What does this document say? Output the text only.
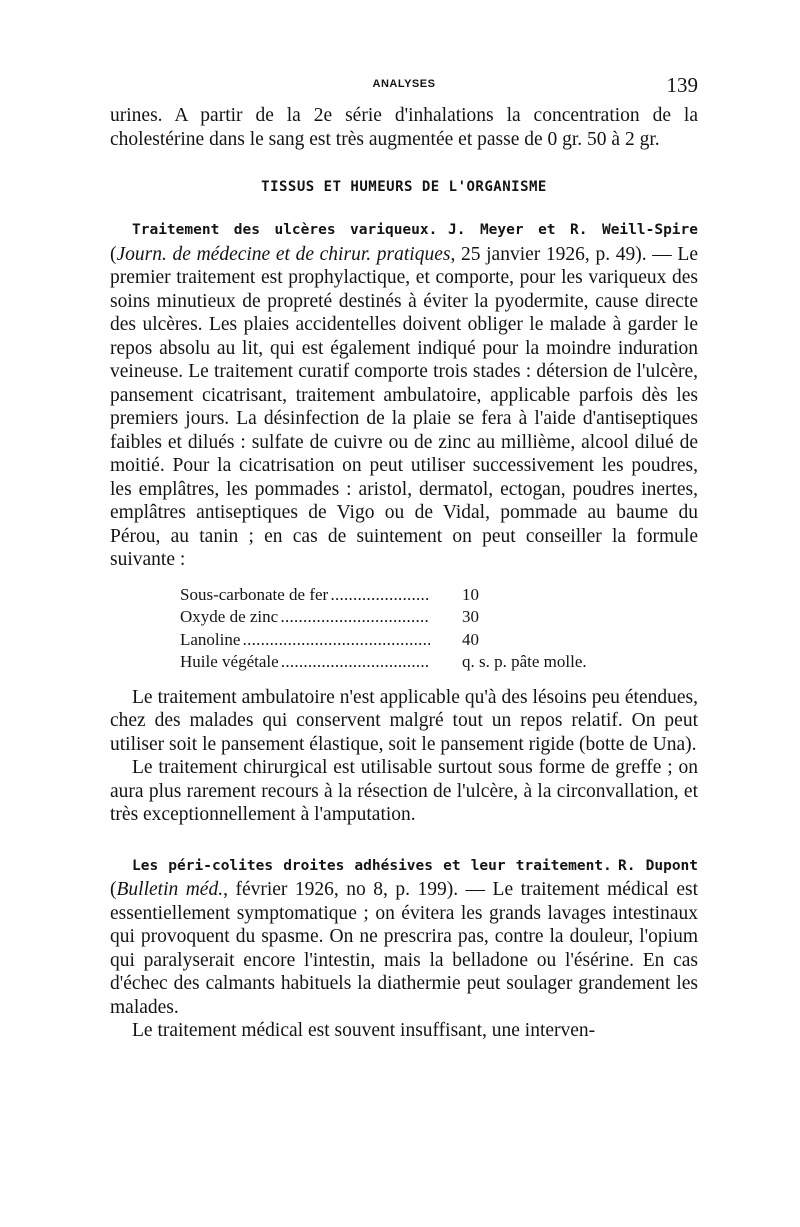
ANALYSES	139

urines. A partir de la 2e série d'inhalations la concentration de la cholestérine dans le sang est très augmentée et passe de 0 gr. 50 à 2 gr.

TISSUS ET HUMEURS DE L'ORGANISME

Traitement des ulcères variqueux. J. Meyer et R. Weill-Spire (Journ. de médecine et de chirur. pratiques, 25 janvier 1926, p. 49). — Le premier traitement est prophylactique, et comporte, pour les variqueux des soins minutieux de propreté destinés à éviter la pyodermite, cause directe des ulcères. Les plaies accidentelles doivent obliger le malade à garder le repos absolu au lit, qui est également indiqué pour la moindre induration veineuse. Le traitement curatif comporte trois stades : détersion de l'ulcère, pansement cicatrisant, traitement ambulatoire, applicable parfois dès les premiers jours. La désinfection de la plaie se fera à l'aide d'antiseptiques faibles et dilués : sulfate de cuivre ou de zinc au millième, alcool dilué de moitié. Pour la cicatrisation on peut utiliser successivement les poudres, les emplâtres, les pommades : aristol, dermatol, ectogan, poudres inertes, emplâtres antiseptiques de Vigo ou de Vidal, pommade au baume du Pérou, au tanin ; en cas de suintement on peut conseiller la formule suivante :

Sous-carbonate de fer . . .	10
Oxyde de zinc . . .	30
Lanoline . . .	40
Huile végétale . . .	q. s. p. pâte molle.

Le traitement ambulatoire n'est applicable qu'à des lésoins peu étendues, chez des malades qui conservent malgré tout un repos relatif. On peut utiliser soit le pansement élastique, soit le pansement rigide (botte de Una).

Le traitement chirurgical est utilisable surtout sous forme de greffe ; on aura plus rarement recours à la résection de l'ulcère, à la circonvallation, et très exceptionnellement à l'amputation.

Les péri-colites droites adhésives et leur traitement. R. Dupont (Bulletin méd., février 1926, no 8, p. 199). — Le traitement médical est essentiellement symptomatique ; on évitera les grands lavages intestinaux qui provoquent du spasme. On ne prescrira pas, contre la douleur, l'opium qui paralyserait encore l'intestin, mais la belladone ou l'ésérine. En cas d'échec des calmants habituels la diathermie peut soulager grandement les malades.

Le traitement médical est souvent insuffisant, une interven-
